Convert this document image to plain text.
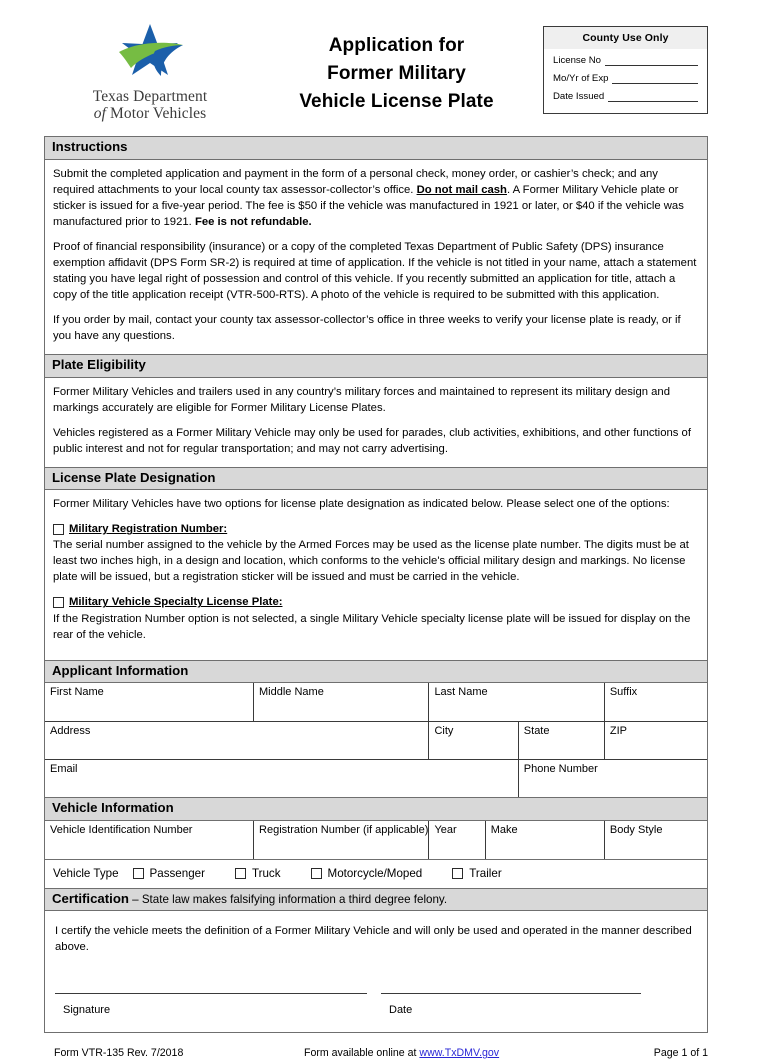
Texas Department
of Motor Vehicles
Application for
Former Military
Vehicle License Plate
County Use Only
License No
Mo/Yr of Exp
Date Issued
Instructions

Submit the completed application and payment in the form of a personal check, money order, or cashier’s check; and any required attachments to your local county tax assessor-collector’s office. Do not mail cash. A Former Military Vehicle plate or sticker is issued for a five-year period. The fee is $50 if the vehicle was manufactured in 1921 or later, or $40 if the vehicle was manufactured prior to 1921. Fee is not refundable.

Proof of financial responsibility (insurance) or a copy of the completed Texas Department of Public Safety (DPS) insurance exemption affidavit (DPS Form SR-2) is required at time of application. If the vehicle is not titled in your name, attach a statement stating you have legal right of possession and control of this vehicle. If you recently submitted an application for title, attach a copy of the title application receipt (VTR-500-RTS). A photo of the vehicle is required to be submitted with this application.

If you order by mail, contact your county tax assessor-collector’s office in three weeks to verify your license plate is ready, or if you have any questions.

Plate Eligibility

Former Military Vehicles and trailers used in any country’s military forces and maintained to represent its military design and markings accurately are eligible for Former Military License Plates.

Vehicles registered as a Former Military Vehicle may only be used for parades, club activities, exhibitions, and other functions of public interest and not for regular transportation; and may not carry advertising.

License Plate Designation

Former Military Vehicles have two options for license plate designation as indicated below. Please select one of the options:

Military Registration Number:

The serial number assigned to the vehicle by the Armed Forces may be used as the license plate number. The digits must be at least two inches high, in a design and location, which conforms to the vehicle's official military design and markings. No license plate will be issued, but a registration sticker will be issued and must be carried in the vehicle.

Military Vehicle Specialty License Plate:

If the Registration Number option is not selected, a single Military Vehicle specialty license plate will be issued for display on the rear of the vehicle.

Applicant Information
First Name	Middle Name	Last Name		Suffix
Address		City	State	ZIP
Email			Phone Number	
Vehicle Information
Vehicle Identification Number	Registration Number (if applicable)	Year	Make	Body Style
Vehicle Type	Passenger	Truck	Motorcycle/Moped	Trailer
Certification – State law makes falsifying information a third degree felony.
I certify the vehicle meets the definition of a Former Military Vehicle and will only be used and operated in the manner described above.
Signature	Date
Form VTR-135 Rev. 7/2018	Form available online at www.TxDMV.gov	Page 1 of 1
